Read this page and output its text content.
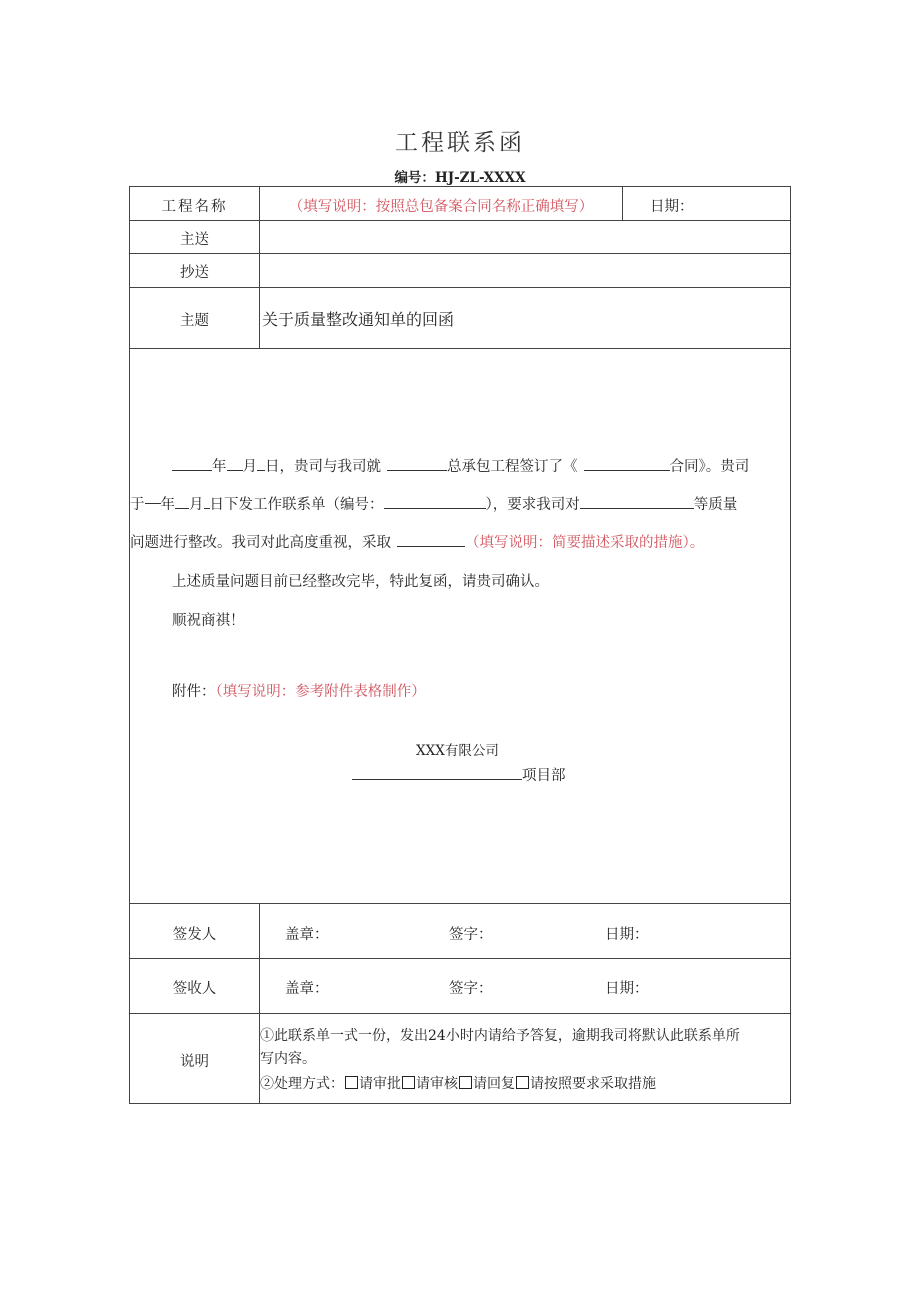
工程联系函
编号：HJ-ZL-XXXX
工程名称	（填写说明：按照总包备案合同名称正确填写）	日期：
主送
抄送
主题	关于质量整改通知单的回函
年 月 日，贵司与我司就	总承包工程签订了《	合同》。贵司
于 年 月 日下发工作联系单（编号：	），要求我司对	等质量
问题进行整改。我司对此高度重视，采取	（填写说明：简要描述采取的措施）。
上述质量问题目前已经整改完毕，特此复函，请贵司确认。
顺祝商祺！
附件：（填写说明：参考附件表格制作）
XXX有限公司
项目部
签发人	盖章：	签字：	日期：
签收人	盖章：	签字：	日期：
说明
①此联系单一式一份，发出24小时内请给予答复，逾期我司将默认此联系单所
写内容。
②处理方式： 请审批 请审核 请回复 请按照要求采取措施
